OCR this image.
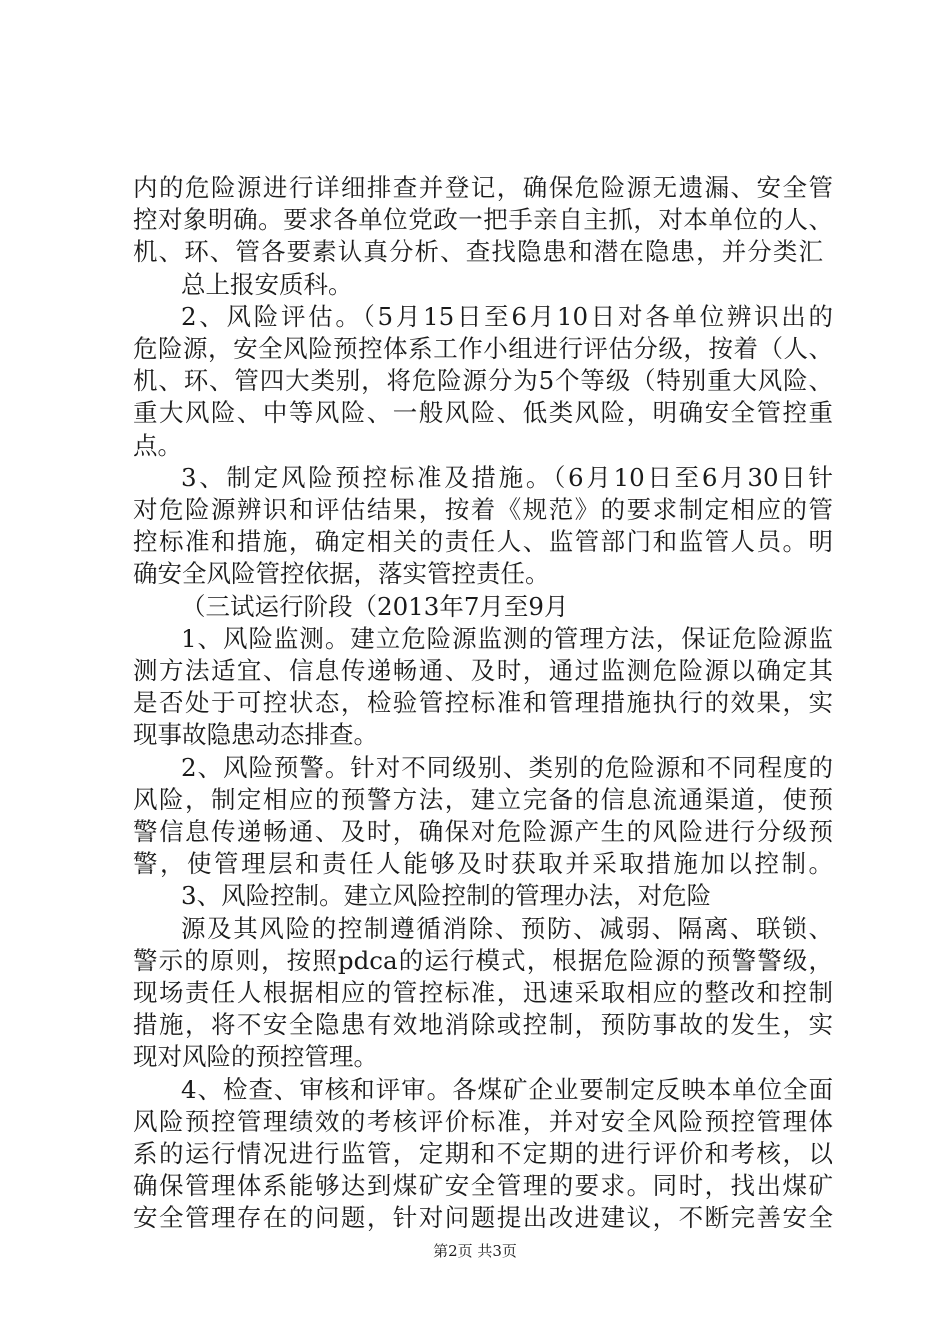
内的危险源进行详细排查并登记，确保危险源无遗漏、安全管
控对象明确。要求各单位党政一把手亲自主抓，对本单位的人、
机、环、管各要素认真分析、查找隐患和潜在隐患，并分类汇
总上报安质科。
2、风险评估。（5月15日至6月10日对各单位辨识出的
危险源，安全风险预控体系工作小组进行评估分级，按着（人、
机、环、管四大类别，将危险源分为5个等级（特别重大风险、
重大风险、中等风险、一般风险、低类风险，明确安全管控重
点。
3、制定风险预控标准及措施。（6月10日至6月30日针
对危险源辨识和评估结果，按着《规范》的要求制定相应的管
控标准和措施，确定相关的责任人、监管部门和监管人员。明
确安全风险管控依据，落实管控责任。
（三试运行阶段（2013年7月至9月
1、风险监测。建立危险源监测的管理方法，保证危险源监
测方法适宜、信息传递畅通、及时，通过监测危险源以确定其
是否处于可控状态，检验管控标准和管理措施执行的效果，实
现事故隐患动态排查。
2、风险预警。针对不同级别、类别的危险源和不同程度的
风险，制定相应的预警方法，建立完备的信息流通渠道，使预
警信息传递畅通、及时，确保对危险源产生的风险进行分级预
警，使管理层和责任人能够及时获取并采取措施加以控制。
3、风险控制。建立风险控制的管理办法，对危险
源及其风险的控制遵循消除、预防、减弱、隔离、联锁、
警示的原则，按照pdca的运行模式，根据危险源的预警警级，
现场责任人根据相应的管控标准，迅速采取相应的整改和控制
措施，将不安全隐患有效地消除或控制，预防事故的发生，实
现对风险的预控管理。
4、检查、审核和评审。各煤矿企业要制定反映本单位全面
风险预控管理绩效的考核评价标准，并对安全风险预控管理体
系的运行情况进行监管，定期和不定期的进行评价和考核，以
确保管理体系能够达到煤矿安全管理的要求。同时，找出煤矿
安全管理存在的问题，针对问题提出改进建议，不断完善安全
第2页 共3页
